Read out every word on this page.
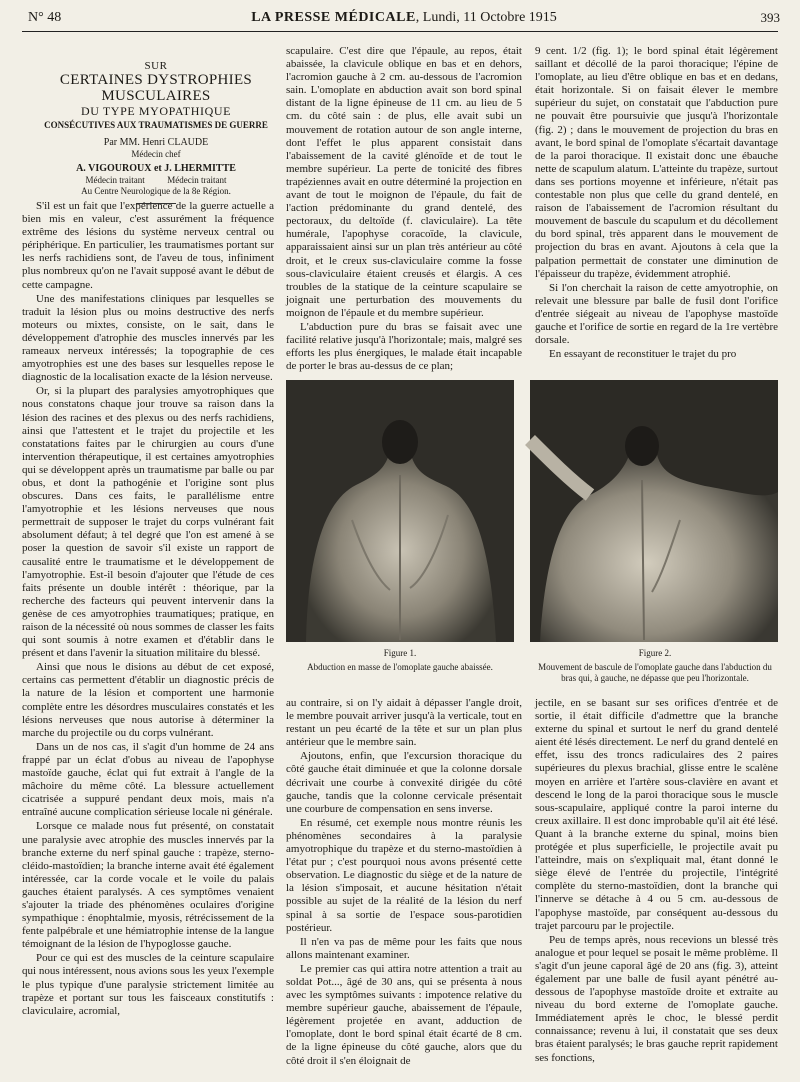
N° 48	LA PRESSE MÉDICALE, Lundi, 11 Octobre 1915	393
SUR
CERTAINES DYSTROPHIES MUSCULAIRES
DU TYPE MYOPATHIQUE
CONSÉCUTIVES AUX TRAUMATISMES DE GUERRE
Par MM. Henri CLAUDE
Médecin chef
A. VIGOUROUX et J. LHERMITTE
Médecin traitant          Médecin traitant
Au Centre Neurologique de la 8e Région.

S'il est un fait que l'expérience de la guerre actuelle a bien mis en valeur, c'est assurément la fréquence extrême des lésions du système nerveux central ou périphérique. En particulier, les traumatismes portant sur les nerfs rachidiens sont, de l'aveu de tous, infiniment plus nombreux qu'on ne l'avait supposé avant le début de cette campagne.

Une des manifestations cliniques par lesquelles se traduit la lésion plus ou moins destructive des nerfs moteurs ou mixtes, consiste, on le sait, dans le développement d'atrophie des muscles innervés par les rameaux nerveux intéressés; la topographie de ces amyotrophies est une des bases sur lesquelles repose le diagnostic de la localisation exacte de la lésion nerveuse.

Or, si la plupart des paralysies amyotrophiques que nous constatons chaque jour trouve sa raison dans la lésion des racines et des plexus ou des nerfs rachidiens, ainsi que l'attestent et le trajet du projectile et les constatations faites par le chirurgien au cours d'une intervention thérapeutique, il est certaines amyotrophies qui se développent après un traumatisme par balle ou par obus, et dont la pathogénie et l'origine sont plus obscures. Dans ces faits, le parallélisme entre l'amyotrophie et les lésions nerveuses que nous permettrait de supposer le trajet du corps vulnérant fait absolument défaut; à tel degré que l'on est amené à se poser la question de savoir s'il existe un rapport de causalité entre le traumatisme et le développement de l'amyotrophie. Est-il besoin d'ajouter que l'étude de ces faits présente un double intérêt : théorique, par la recherche des facteurs qui peuvent intervenir dans la genèse de ces amyotrophies traumatiques; pratique, en raison de la nécessité où nous sommes de classer les faits qui sont soumis à notre examen et d'établir dans le présent et dans l'avenir la situation militaire du blessé.

Ainsi que nous le disions au début de cet exposé, certains cas permettent d'établir un diagnostic précis de la nature de la lésion et comportent une harmonie complète entre les désordres musculaires constatés et les lésions nerveuses que nous autorise à déterminer la marche du projectile ou du corps vulnérant.

Dans un de nos cas, il s'agit d'un homme de 24 ans frappé par un éclat d'obus au niveau de l'apophyse mastoïde gauche, éclat qui fut extrait à l'angle de la mâchoire du même côté. La blessure actuellement cicatrisée a suppuré pendant deux mois, mais n'a entraîné aucune complication sérieuse locale ni générale.

Lorsque ce malade nous fut présenté, on constatait une paralysie avec atrophie des muscles innervés par la branche externe du nerf spinal gauche : trapèze, sterno-cléido-mastoïdien; la branche interne avait été également intéressée, car la corde vocale et le voile du palais gauches étaient paralysés. A ces symptômes venaient s'ajouter la triade des phénomènes oculaires d'origine sympathique : énophtalmie, myosis, rétrécissement de la fente palpébrale et une hémiatrophie intense de la langue témoignant de la lésion de l'hypoglosse gauche.

Pour ce qui est des muscles de la ceinture scapulaire qui nous intéressent, nous avions sous les yeux l'exemple le plus typique d'une paralysie strictement limitée au trapèze et portant sur tous les faisceaux constitutifs : claviculaire, acromial,

scapulaire. C'est dire que l'épaule, au repos, était abaissée, la clavicule oblique en bas et en dehors, l'acromion gauche à 2 cm. au-dessous de l'acromion sain. L'omoplate en abduction avait son bord spinal distant de la ligne épineuse de 11 cm. au lieu de 5 cm. du côté sain : de plus, elle avait subi un mouvement de rotation autour de son angle interne, dont l'effet le plus apparent consistait dans l'abaissement de la cavité glénoïde et de tout le membre supérieur. La perte de tonicité des fibres trapéziennes avait en outre déterminé la projection en avant de tout le moignon de l'épaule, du fait de l'action prédominante du grand dentelé, des pectoraux, du deltoïde (f. claviculaire). La tête humérale, l'apophyse coracoïde, la clavicule, apparaissaient ainsi sur un plan très antérieur au côté droit, et le creux sus-claviculaire comme la fosse sous-claviculaire étaient creusés et élargis. A ces troubles de la statique de la ceinture scapulaire se joignait une perturbation des mouvements du moignon de l'épaule et du membre supérieur.

L'abduction pure du bras se faisait avec une facilité relative jusqu'à l'horizontale; mais, malgré ses efforts les plus énergiques, le malade était incapable de porter le bras au-dessus de ce plan;

9 cent. 1/2 (fig. 1); le bord spinal était légèrement saillant et décollé de la paroi thoracique; l'épine de l'omoplate, au lieu d'être oblique en bas et en dedans, était horizontale. Si on faisait élever le membre supérieur du sujet, on constatait que l'abduction pure ne pouvait être poursuivie que jusqu'à l'horizontale (fig. 2) ; dans le mouvement de projection du bras en avant, le bord spinal de l'omoplate s'écartait davantage de la paroi thoracique. Il existait donc une ébauche nette de scapulum alatum. L'atteinte du trapèze, surtout dans ses portions moyenne et inférieure, n'était pas contestable non plus que celle du grand dentelé, en raison de l'abaissement de l'acromion résultant du mouvement de bascule du scapulum et du décollement du bord spinal, très apparent dans le mouvement de projection du bras en avant. Ajoutons à cela que la palpation permettait de constater une diminution de l'épaisseur du trapèze, évidemment atrophié.

Si l'on cherchait la raison de cette amyotrophie, on relevait une blessure par balle de fusil dont l'orifice d'entrée siégeait au niveau de l'apophyse mastoïde gauche et l'orifice de sortie en regard de la 1re vertèbre dorsale.

En essayant de reconstituer le trajet du pro

Figure 1.
Abduction en masse de l'omoplate gauche abaissée.
Figure 2.
Mouvement de bascule de l'omoplate gauche dans l'abduction du bras qui, à gauche, ne dépasse que peu l'horizontale.

au contraire, si on l'y aidait à dépasser l'angle droit, le membre pouvait arriver jusqu'à la verticale, tout en restant un peu écarté de la tête et sur un plan plus antérieur que le membre sain.

Ajoutons, enfin, que l'excursion thoracique du côté gauche était diminuée et que la colonne dorsale décrivait une courbe à convexité dirigée du côté gauche, tandis que la colonne cervicale présentait une courbure de compensation en sens inverse.

En résumé, cet exemple nous montre réunis les phénomènes secondaires à la paralysie amyotrophique du trapèze et du sterno-mastoïdien à l'état pur ; c'est pourquoi nous avons présenté cette observation. Le diagnostic du siège et de la nature de la lésion s'imposait, et aucune hésitation n'était possible au sujet de la réalité de la lésion du nerf spinal à sa sortie de l'espace sous-parotidien postérieur.

Il n'en va pas de même pour les faits que nous allons maintenant examiner.

Le premier cas qui attira notre attention a trait au soldat Pot..., âgé de 30 ans, qui se présenta à nous avec les symptômes suivants : impotence relative du membre supérieur gauche, abaissement de l'épaule, légèrement projetée en avant, adduction de l'omoplate, dont le bord spinal était écarté de 8 cm. de la ligne épineuse du côté gauche, alors que du côté droit il s'en éloignait de

jectile, en se basant sur ses orifices d'entrée et de sortie, il était difficile d'admettre que la branche externe du spinal et surtout le nerf du grand dentelé aient été lésés directement. Le nerf du grand dentelé en effet, issu des troncs radiculaires des 2 paires supérieures du plexus brachial, glisse entre le scalène moyen en arrière et l'artère sous-clavière en avant et descend le long de la paroi thoracique sous le muscle sous-scapulaire, appliqué contre la paroi interne du creux axillaire. Il est donc improbable qu'il ait été lésé. Quant à la branche externe du spinal, moins bien protégée et plus superficielle, le projectile avait pu l'atteindre, mais on s'expliquait mal, étant donné le siège élevé de l'entrée du projectile, l'intégrité complète du sterno-mastoïdien, dont la branche qui l'innerve se détache à 4 ou 5 cm. au-dessous de l'apophyse mastoïde, par conséquent au-dessous du trajet parcouru par le projectile.

Peu de temps après, nous recevions un blessé très analogue et pour lequel se posait le même problème. Il s'agit d'un jeune caporal âgé de 20 ans (fig. 3), atteint également par une balle de fusil ayant pénétré au-dessous de l'apophyse mastoïde droite et extraite au niveau du bord externe de l'omoplate gauche. Immédiatement après le choc, le blessé perdit connaissance; revenu à lui, il constatait que ses deux bras étaient paralysés; le bras gauche reprit rapidement ses fonctions,
